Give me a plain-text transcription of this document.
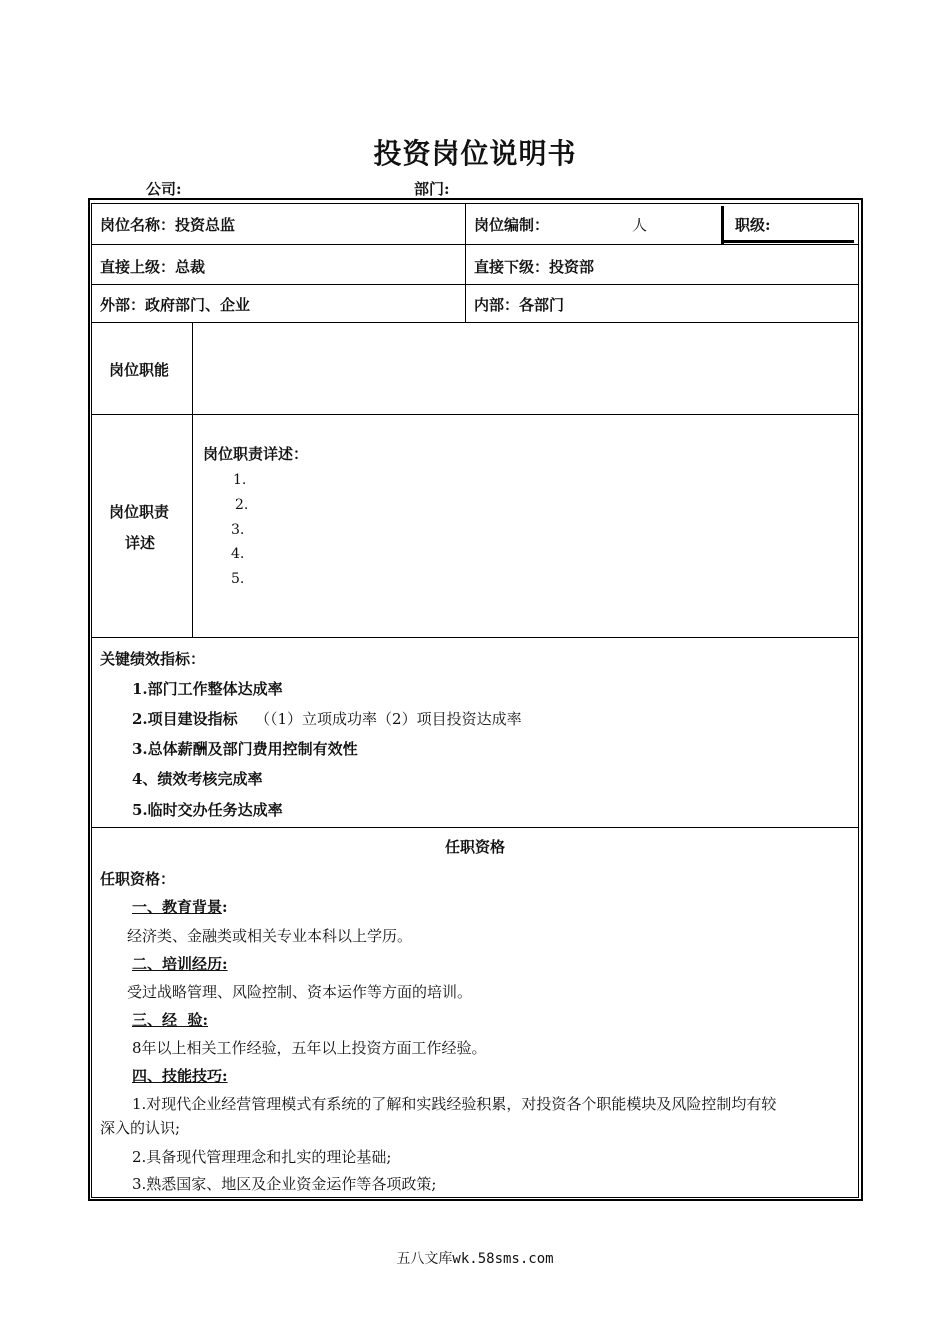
投资岗位说明书
公司:	部门:
岗位名称：投资总监	岗位编制：	人	职级:
直接上级：总裁	直接下级：投资部
外部：政府部门、企业	内部：各部门
岗位职能
岗位职责
详述
岗位职责详述：
1.
2.
3.
4.
5.
关键绩效指标：
1.部门工作整体达成率
2.项目建设指标 （（1）立项成功率（2）项目投资达成率
3.总体薪酬及部门费用控制有效性
4、绩效考核完成率
5.临时交办任务达成率
任职资格
任职资格：
一、教育背景:
经济类、金融类或相关专业本科以上学历。
二、培训经历:
受过战略管理、风险控制、资本运作等方面的培训。
三、经  验:
8年以上相关工作经验，五年以上投资方面工作经验。
四、技能技巧:
1.对现代企业经营管理模式有系统的了解和实践经验积累，对投资各个职能模块及风险控制均有较
深入的认识;
2.具备现代管理理念和扎实的理论基础;
3.熟悉国家、地区及企业资金运作等各项政策;
五八文库wk.58sms.com
